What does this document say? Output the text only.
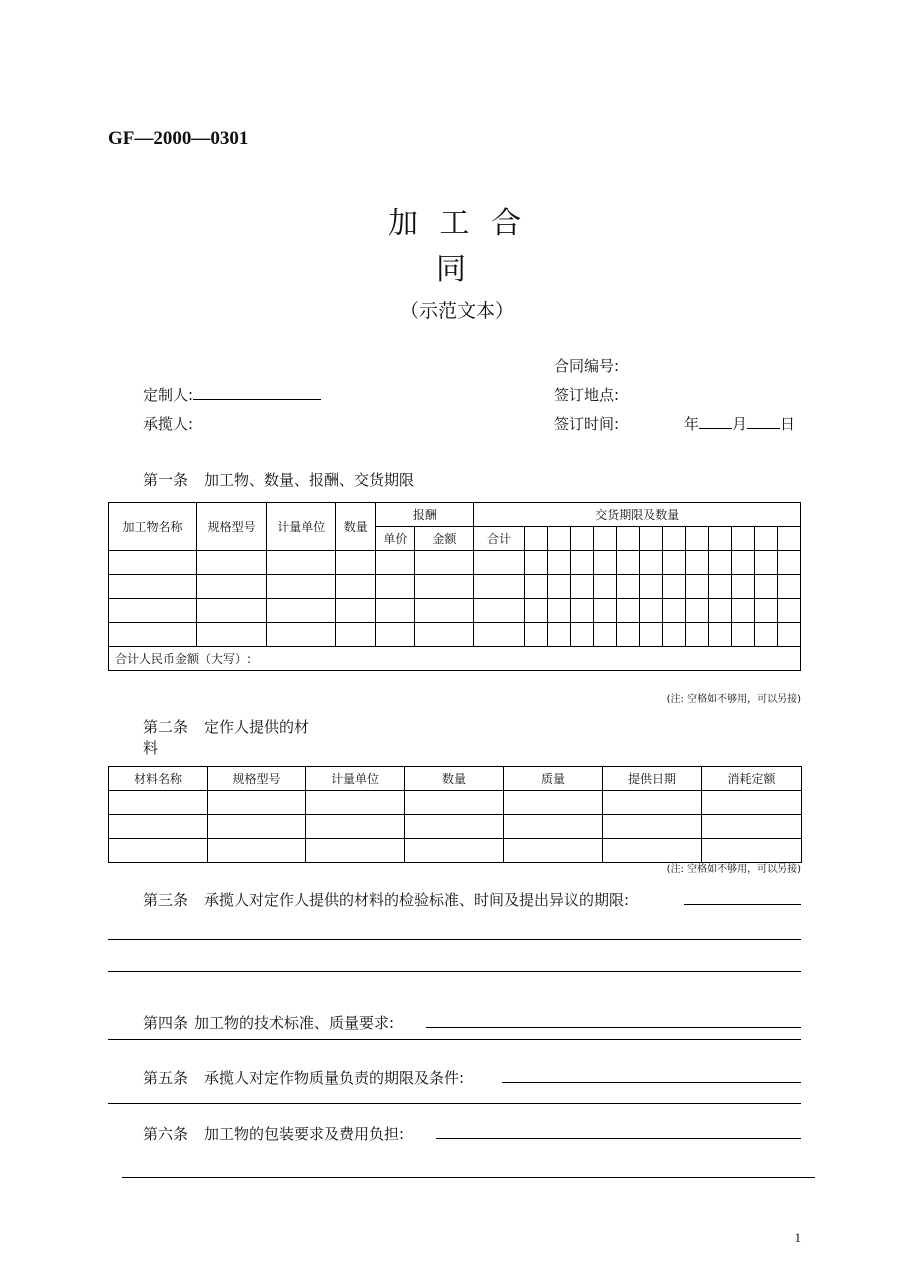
GF—2000—0301
加 工 合
同
（示范文本）
合同编号:
定制人:	签订地点:
承揽人:	签订时间:	年 月 日
第一条 加工物、数量、报酬、交货期限
加工物名称	规格型号	计量单位	数量	报酬		交货期限及数量												
				单价	金额	合计												

合计人民币金额（大写）:																		
(注: 空格如不够用，可以另接)
第二条 定作人提供的材
料
材料名称	规格型号	计量单位	数量	质量	提供日期	消耗定额

(注: 空格如不够用，可以另接)
第三条 承揽人对定作人提供的材料的检验标准、时间及提出异议的期限:
第四条 加工物的技术标准、质量要求:
第五条 承揽人对定作物质量负责的期限及条件:
第六条 加工物的包装要求及费用负担:
1
